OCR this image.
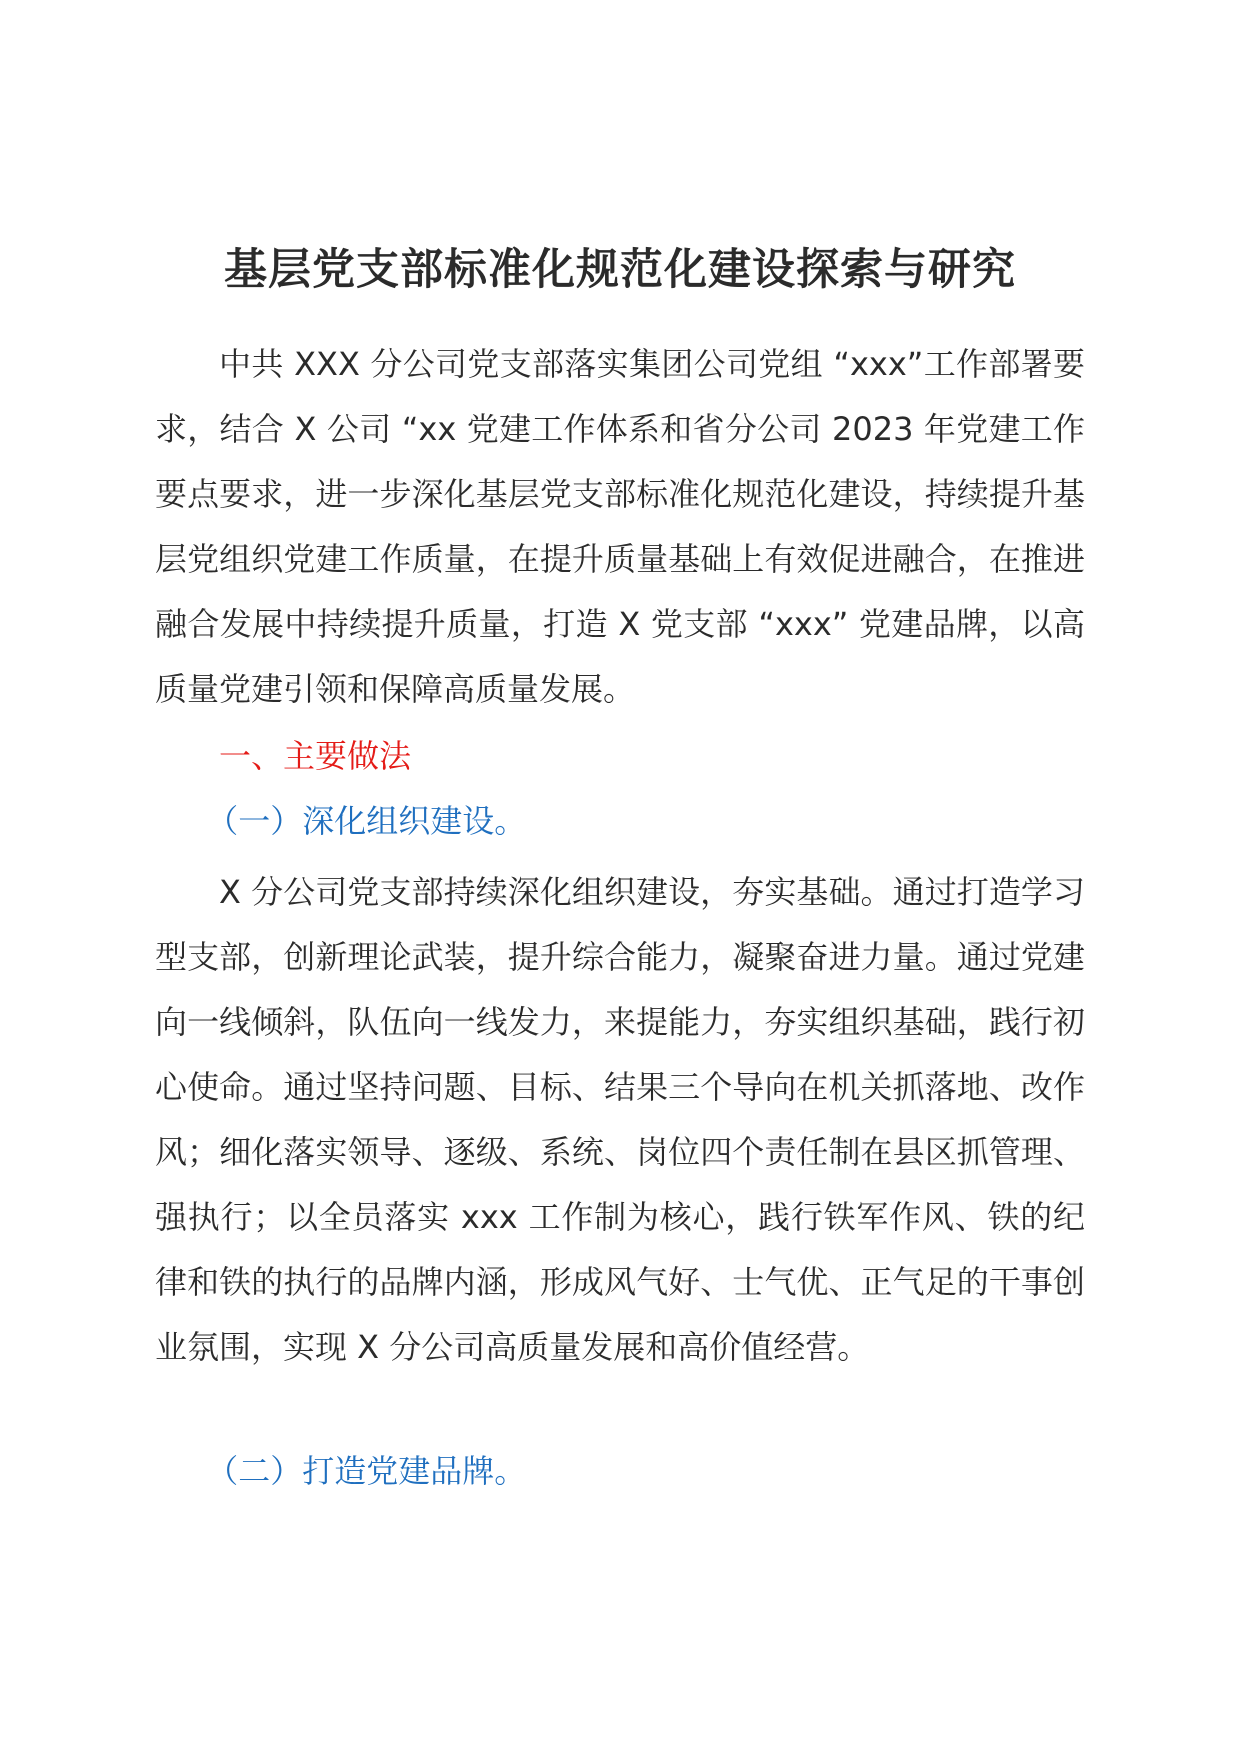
基层党支部标准化规范化建设探索与研究

中共 XXX 分公司党支部落实集团公司党组 “xxx”工作部署要求，结合 X 公司 “xx 党建工作体系和省分公司 2023 年党建工作要点要求，进一步深化基层党支部标准化规范化建设，持续提升基层党组织党建工作质量，在提升质量基础上有效促进融合，在推进融合发展中持续提升质量，打造 X 党支部 “xxx” 党建品牌，以高质量党建引领和保障高质量发展。

一、主要做法

（一）深化组织建设。

X 分公司党支部持续深化组织建设，夯实基础。通过打造学习型支部，创新理论武装，提升综合能力，凝聚奋进力量。通过党建向一线倾斜，队伍向一线发力，来提能力，夯实组织基础，践行初心使命。通过坚持问题、目标、结果三个导向在机关抓落地、改作风；细化落实领导、逐级、系统、岗位四个责任制在县区抓管理、强执行；以全员落实 xxx 工作制为核心，践行铁军作风、铁的纪律和铁的执行的品牌内涵，形成风气好、士气优、正气足的干事创业氛围，实现 X 分公司高质量发展和高价值经营。

（二）打造党建品牌。
